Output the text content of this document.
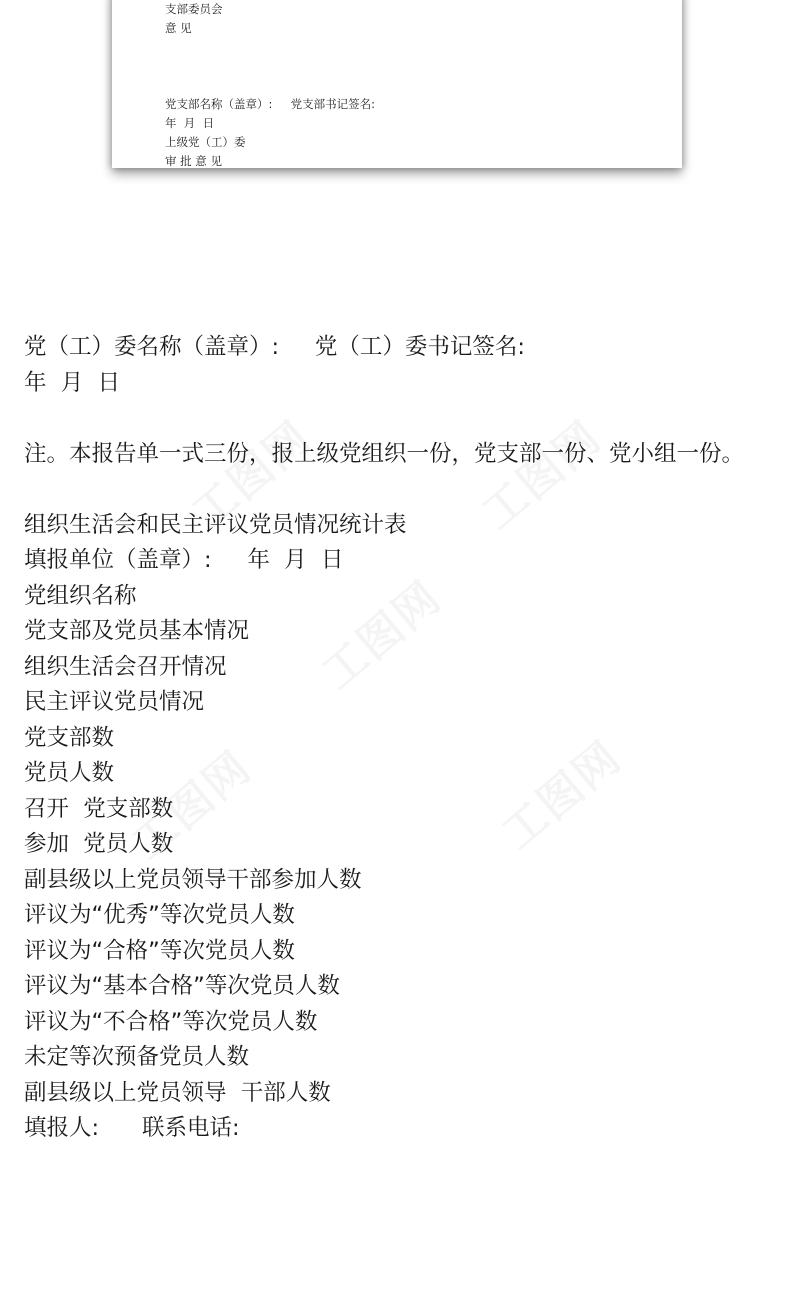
支部委员会
意 见
党支部名称（盖章）:     党支部书记签名:
年  月  日
上级党（工）委
审 批 意 见
党（工）委名称（盖章）:     党（工）委书记签名:
年  月  日
注。本报告单一式三份，报上级党组织一份，党支部一份、党小组一份。
组织生活会和民主评议党员情况统计表
填报单位（盖章）:     年  月  日
党组织名称
党支部及党员基本情况
组织生活会召开情况
民主评议党员情况
党支部数
党员人数
召开  党支部数
参加  党员人数
副县级以上党员领导干部参加人数
评议为“优秀”等次党员人数
评议为“合格”等次党员人数
评议为“基本合格”等次党员人数
评议为“不合格”等次党员人数
未定等次预备党员人数
副县级以上党员领导  干部人数
填报人:      联系电话:
